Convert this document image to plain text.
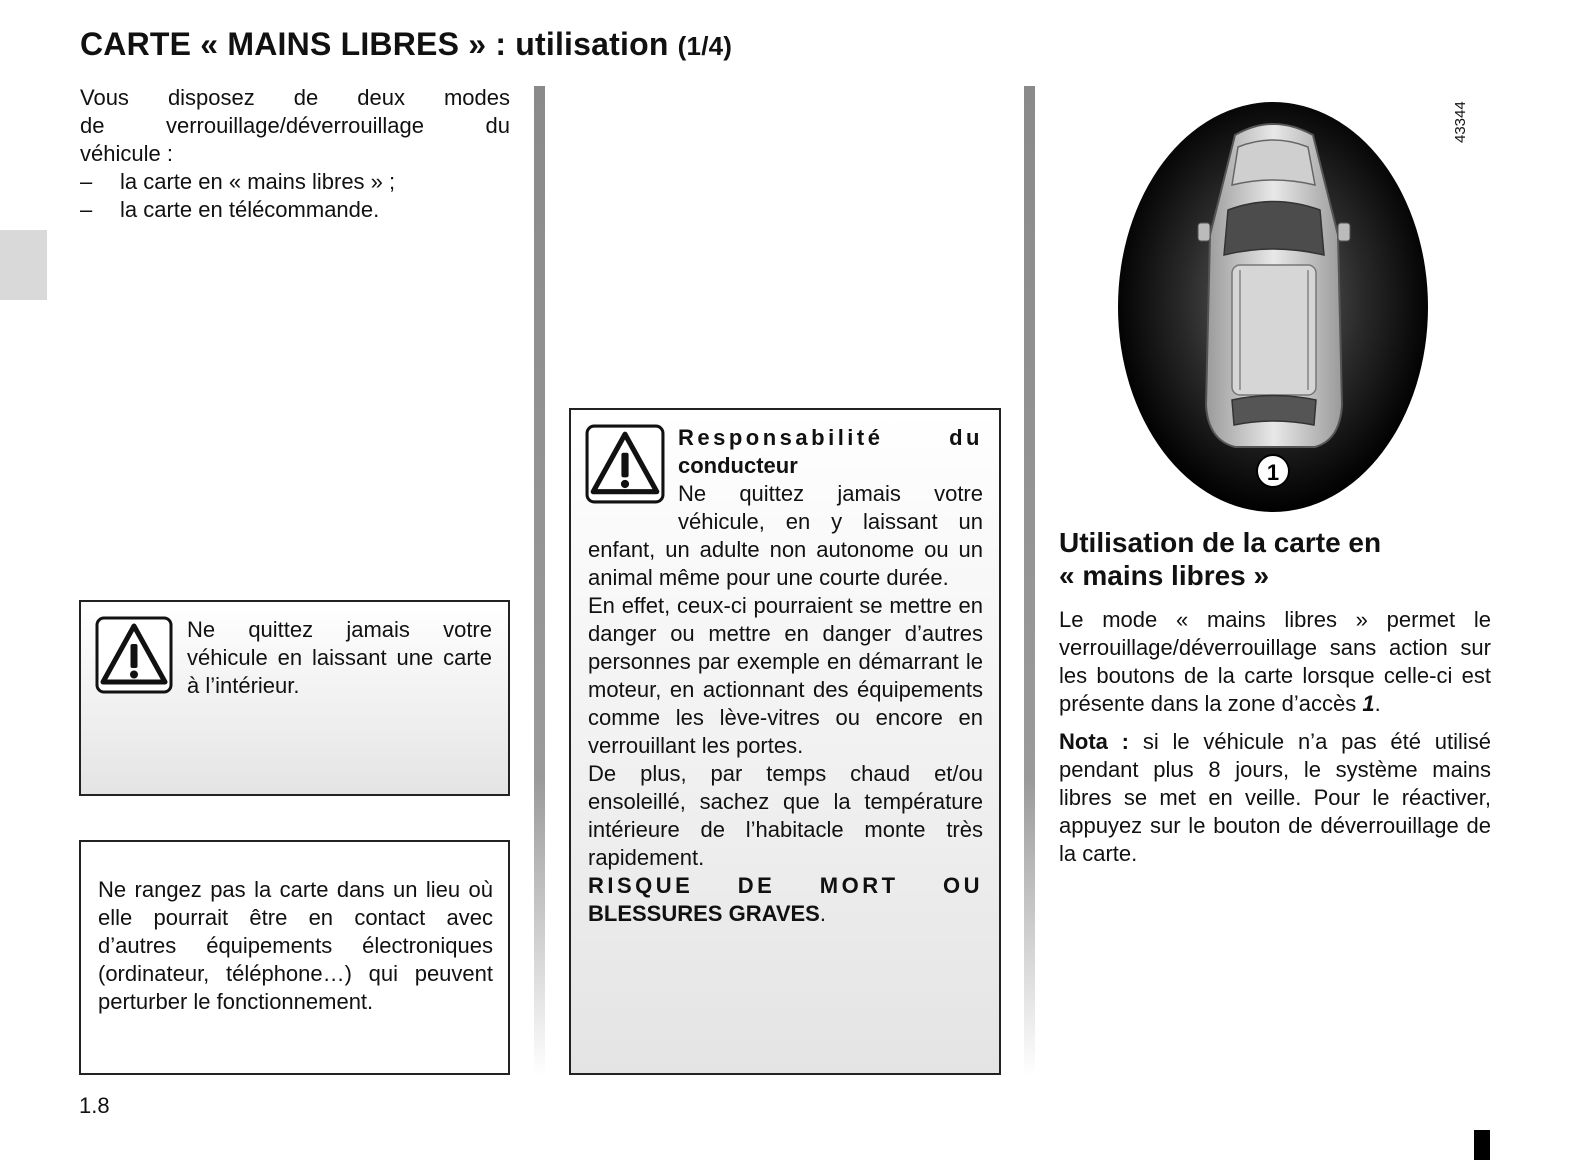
CARTE « MAINS LIBRES » : utilisation (1/4)
Vous disposez de deux modes
de verrouillage/déverrouillage du
véhicule :
–	la carte en « mains libres » ;
–	la carte en télécommande.
Ne quittez jamais votre véhicule en laissant une carte à l’intérieur.
Ne rangez pas la carte dans un lieu où elle pourrait être en contact avec d’autres équipements électroniques (ordinateur, téléphone…) qui peuvent perturber le fonctionnement.
Responsabilité	du
conducteur
Ne quittez jamais votre véhicule, en y laissant un
enfant, un adulte non autonome ou un animal même pour une courte durée.
En effet, ceux-ci pourraient se mettre en danger ou mettre en danger d’autres personnes par exemple en démarrant le moteur, en actionnant des équipements comme les lève-vitres ou encore en verrouillant les portes.
De plus, par temps chaud et/ou ensoleillé, sachez que la température intérieure de l’habitacle monte très rapidement.
RISQUE DE MORT OU
BLESSURES GRAVES.
1
43344
Utilisation de la carte en
« mains libres »

Le mode « mains libres » permet le verrouillage/déverrouillage sans action sur les boutons de la carte lorsque celle-ci est présente dans la zone d’accès 1.

Nota : si le véhicule n’a pas été utilisé pendant plus 8 jours, le système mains libres se met en veille. Pour le réactiver, appuyez sur le bouton de déverrouillage de la carte.

1.8
